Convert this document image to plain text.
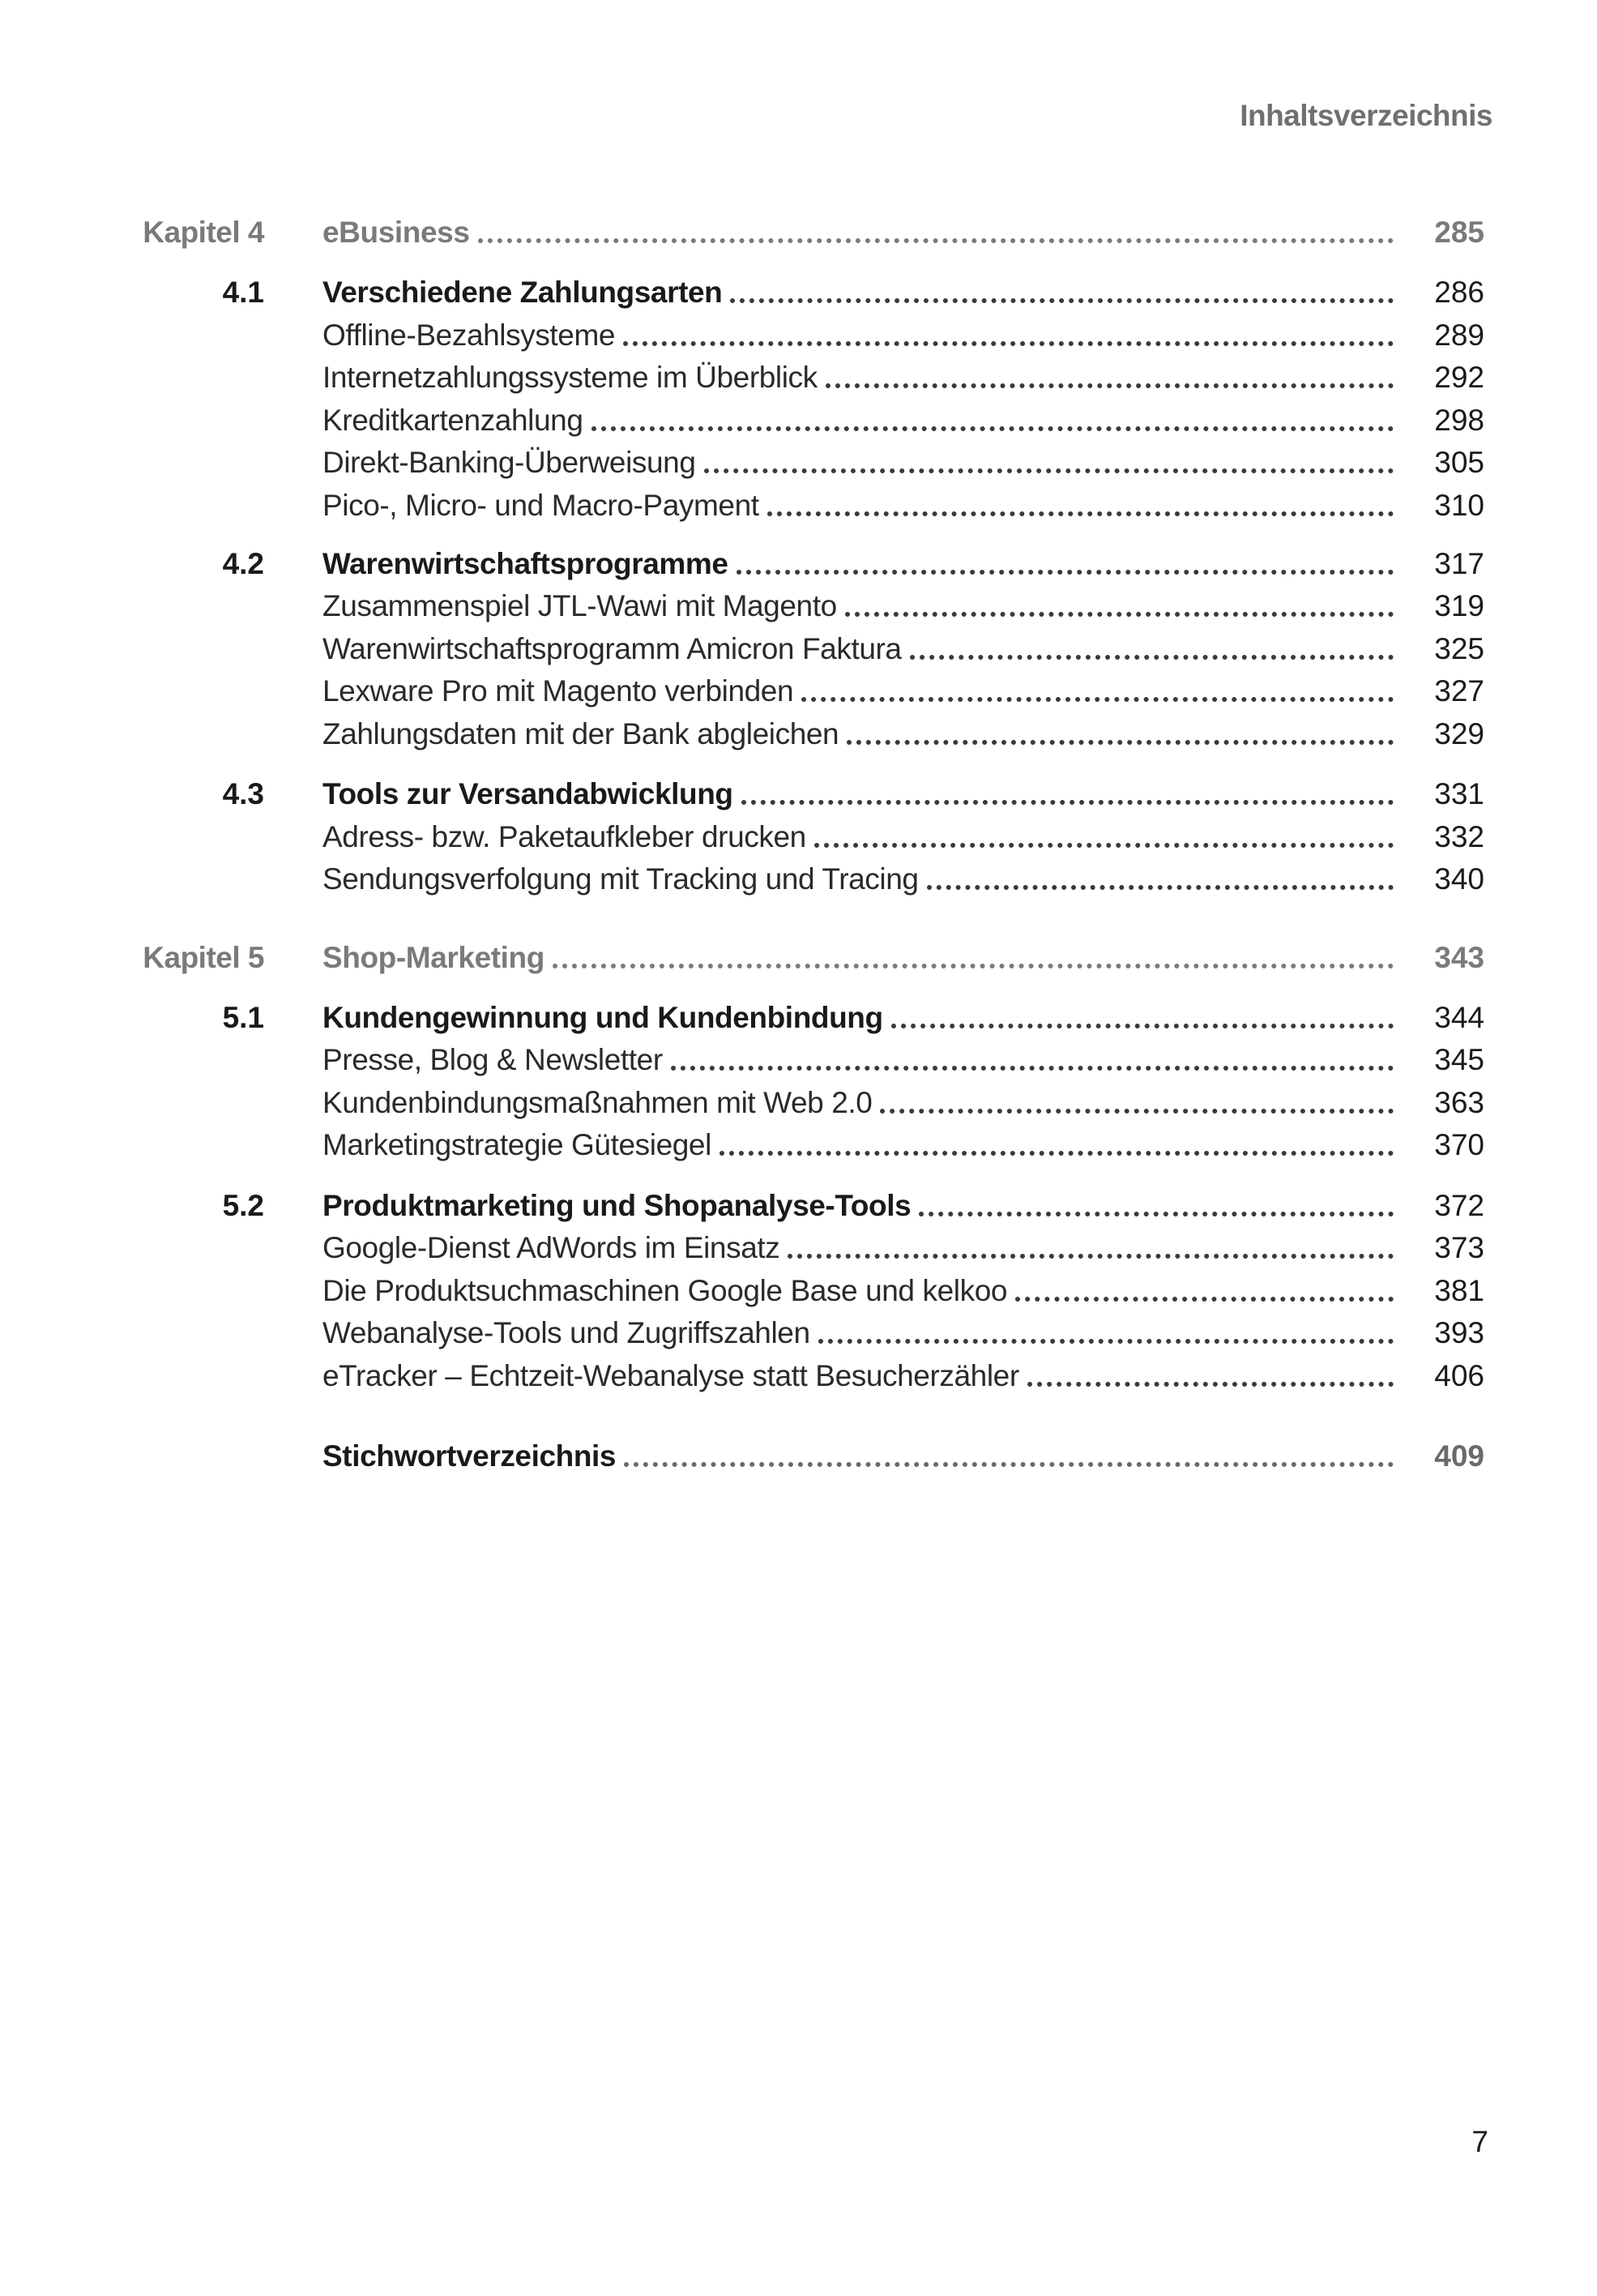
Inhaltsverzeichnis
Kapitel 4 eBusiness	285
4.1 Verschiedene Zahlungsarten	286
Offline-Bezahlsysteme	289
Internetzahlungssysteme im Überblick	292
Kreditkartenzahlung	298
Direkt-Banking-Überweisung	305
Pico-, Micro- und Macro-Payment	310
4.2 Warenwirtschaftsprogramme	317
Zusammenspiel JTL-Wawi mit Magento	319
Warenwirtschaftsprogramm Amicron Faktura	325
Lexware Pro mit Magento verbinden	327
Zahlungsdaten mit der Bank abgleichen	329
4.3 Tools zur Versandabwicklung	331
Adress- bzw. Paketaufkleber drucken	332
Sendungsverfolgung mit Tracking und Tracing	340
Kapitel 5 Shop-Marketing	343
5.1 Kundengewinnung und Kundenbindung	344
Presse, Blog & Newsletter	345
Kundenbindungsmaßnahmen mit Web 2.0	363
Marketingstrategie Gütesiegel	370
5.2 Produktmarketing und Shopanalyse-Tools	372
Google-Dienst AdWords im Einsatz	373
Die Produktsuchmaschinen Google Base und kelkoo	381
Webanalyse-Tools und Zugriffszahlen	393
eTracker – Echtzeit-Webanalyse statt Besucherzähler	406
Stichwortverzeichnis	409
7
